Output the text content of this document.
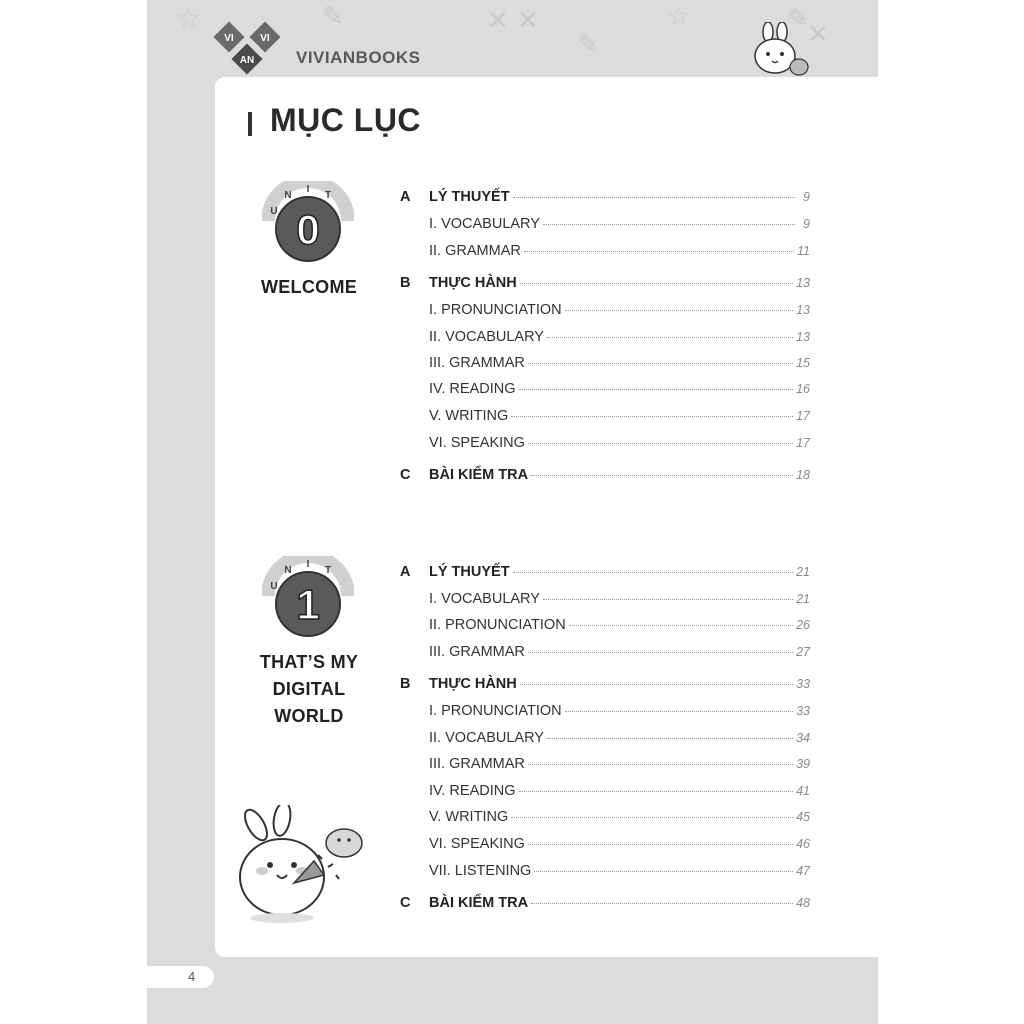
☆	✎	✕ ✕
✎
☆
✕
✎
VI	VI
AN VIVIANBOOKS
MỤC LỤC
U
N
I
T
0
WELCOME
A	LÝ THUYẾT	9
I. VOCABULARY	9
II. GRAMMAR	11
B	THỰC HÀNH	13
I. PRONUNCIATION	13
II. VOCABULARY	13
III. GRAMMAR	15
IV. READING	16
V. WRITING	17
VI. SPEAKING	17
C	BÀI KIỂM TRA	18
U
N
I
T
1
THAT’S MY
DIGITAL
WORLD
A	LÝ THUYẾT	21
I. VOCABULARY	21
II. PRONUNCIATION	26
III. GRAMMAR	27
B	THỰC HÀNH	33
I. PRONUNCIATION	33
II. VOCABULARY	34
III. GRAMMAR	39
IV. READING	41
V. WRITING	45
VI. SPEAKING	46
VII. LISTENING	47
C	BÀI KIỂM TRA	48
4
